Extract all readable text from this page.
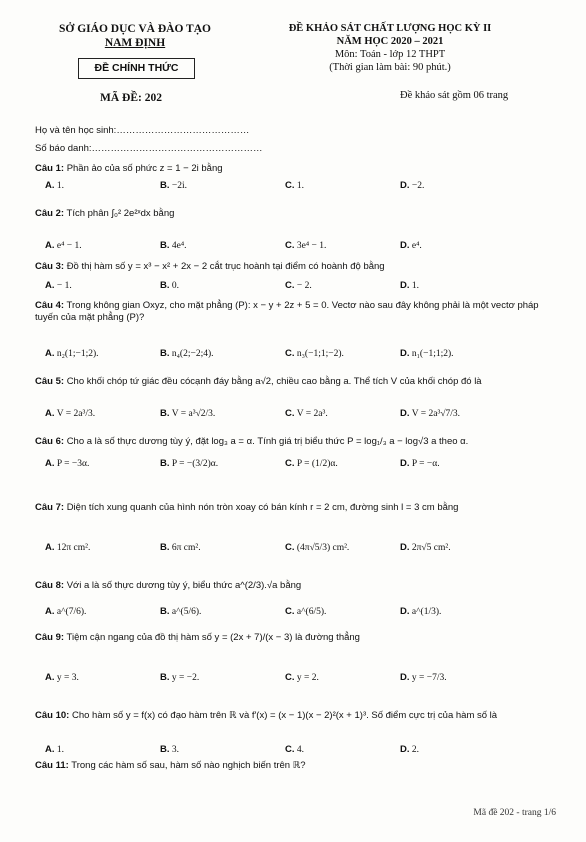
SỞ GIÁO DỤC VÀ ĐÀO TẠO
NAM ĐỊNH
ĐỀ CHÍNH THỨC
MÃ ĐỀ: 202
ĐỀ KHẢO SÁT CHẤT LƯỢNG HỌC KỲ II
NĂM HỌC 2020 – 2021
Môn: Toán - lớp 12 THPT
(Thời gian làm bài: 90 phút.)
Đề khảo sát gồm 06 trang
Họ và tên học sinh:……………………………………
Số báo danh:………………………………………………
Câu 1: Phần ảo của số phức z = 1 − 2i bằng
A. 1.	B. −2i.	C. 1.	D. −2.
Câu 2: Tích phân ∫₀² 2e²ˣdx bằng
A. e⁴ − 1.	B. 4e⁴.	C. 3e⁴ − 1.	D. e⁴.
Câu 3: Đồ thị hàm số y = x³ − x² + 2x − 2 cắt trục hoành tại điểm có hoành độ bằng
A. − 1.	B. 0.	C. − 2.	D. 1.
Câu 4: Trong không gian Oxyz, cho mặt phẳng (P): x − y + 2z + 5 = 0. Vectơ nào sau đây không phải là một vectơ pháp tuyến của mặt phẳng (P)?
A. n₂(1;−1;2).	B. n₄(2;−2;4).	C. n₃(−1;1;−2).	D. n₁(−1;1;2).
Câu 5: Cho khối chóp tứ giác đều cócạnh đáy bằng a√2, chiều cao bằng a. Thể tích V của khối chóp đó là
A. V = 2a³/3.	B. V = a³√2/3.	C. V = 2a³.	D. V = 2a³√7/3.
Câu 6: Cho a là số thực dương tùy ý, đặt log₃ a = α. Tính giá trị biểu thức P = log₁/₃ a − log√3 a theo α.
A. P = −3α.	B. P = −(3/2)α.	C. P = (1/2)α.	D. P = −α.
Câu 7: Diện tích xung quanh của hình nón tròn xoay có bán kính r = 2 cm, đường sinh l = 3 cm bằng
A. 12π cm².	B. 6π cm².	C. (4π√5/3) cm².	D. 2π√5 cm².
Câu 8: Với a là số thực dương tùy ý, biểu thức a^(2/3).√a bằng
A. a^(7/6).	B. a^(5/6).	C. a^(6/5).	D. a^(1/3).
Câu 9: Tiệm cận ngang của đồ thị hàm số y = (2x + 7)/(x − 3) là đường thẳng
A. y = 3.	B. y = −2.	C. y = 2.	D. y = −7/3.
Câu 10: Cho hàm số y = f(x) có đạo hàm trên ℝ và f′(x) = (x − 1)(x − 2)²(x + 1)³. Số điểm cực trị của hàm số là
A. 1.	B. 3.	C. 4.	D. 2.
Câu 11: Trong các hàm số sau, hàm số nào nghịch biến trên ℝ?
Mã đề 202 - trang 1/6
